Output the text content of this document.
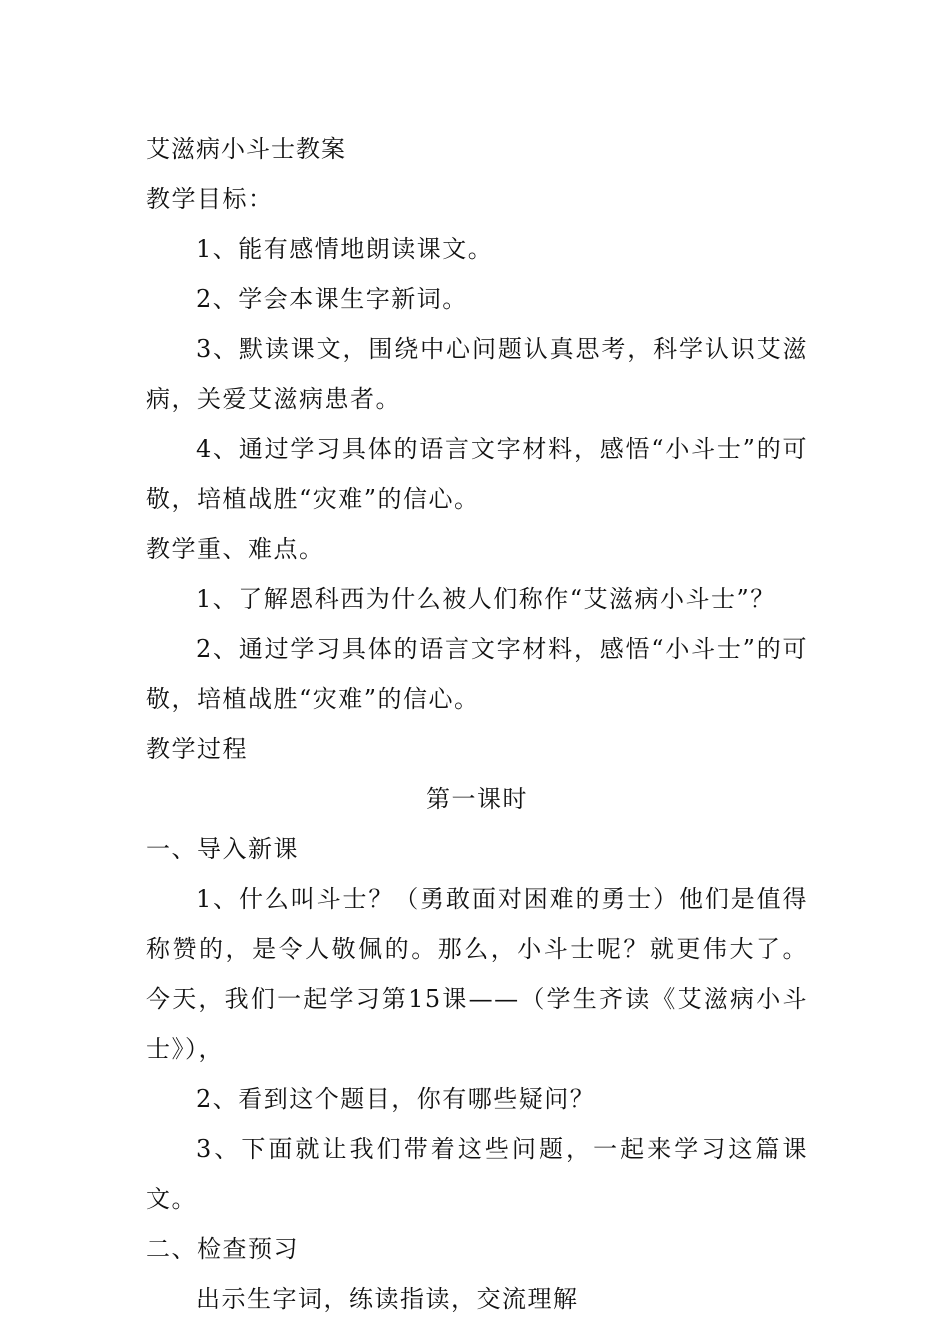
艾滋病小斗士教案
教学目标：
1、能有感情地朗读课文。
2、学会本课生字新词。
3、默读课文，围绕中心问题认真思考，科学认识艾滋病，关爱艾滋病患者。
4、通过学习具体的语言文字材料，感悟“小斗士”的可敬，培植战胜“灾难”的信心。
教学重、难点。
1、了解恩科西为什么被人们称作“艾滋病小斗士”？
2、通过学习具体的语言文字材料，感悟“小斗士”的可敬，培植战胜“灾难”的信心。
教学过程
第一课时
一、导入新课
1、什么叫斗士？（勇敢面对困难的勇士）他们是值得称赞的，是令人敬佩的。那么，小斗士呢？就更伟大了。今天，我们一起学习第15课——（学生齐读《艾滋病小斗士》），
2、看到这个题目，你有哪些疑问？
3、下面就让我们带着这些问题，一起来学习这篇课文。
二、检查预习
出示生字词，练读指读，交流理解
